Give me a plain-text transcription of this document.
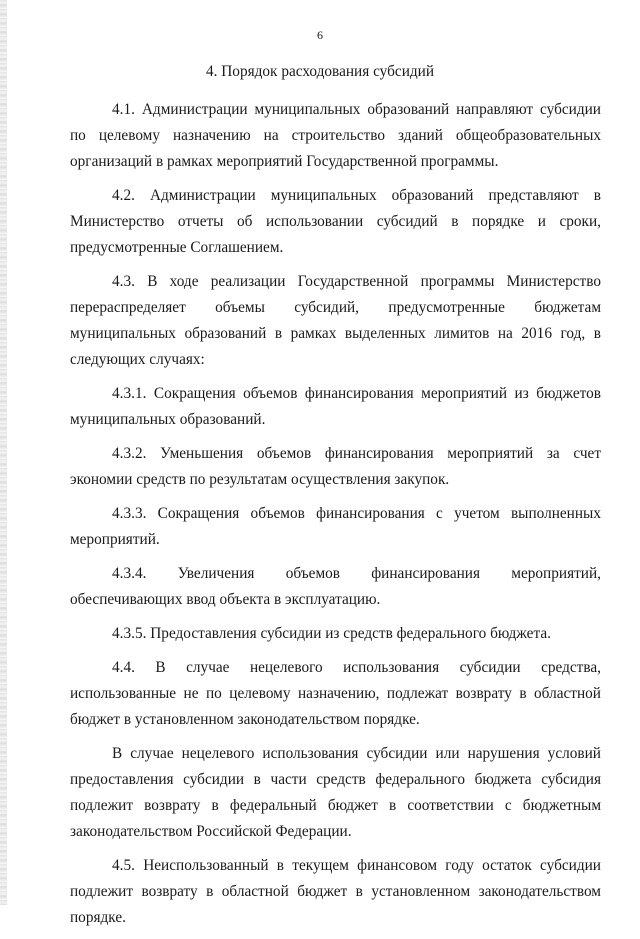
6
4. Порядок расходования субсидий

4.1. Администрации муниципальных образований направляют субсидии по целевому назначению на строительство зданий общеобразовательных организаций в рамках мероприятий Государственной программы.

4.2. Администрации муниципальных образований представляют в Министерство отчеты об использовании субсидий в порядке и сроки, предусмотренные Соглашением.

4.3. В ходе реализации Государственной программы Министерство перераспределяет объемы субсидий, предусмотренные бюджетам муниципальных образований в рамках выделенных лимитов на 2016 год, в следующих случаях:

4.3.1. Сокращения объемов финансирования мероприятий из бюджетов муниципальных образований.

4.3.2. Уменьшения объемов финансирования мероприятий за счет экономии средств по результатам осуществления закупок.

4.3.3. Сокращения объемов финансирования с учетом выполненных мероприятий.

4.3.4. Увеличения объемов финансирования мероприятий, обеспечивающих ввод объекта в эксплуатацию.

4.3.5. Предоставления субсидии из средств федерального бюджета.

4.4. В случае нецелевого использования субсидии средства, использованные не по целевому назначению, подлежат возврату в областной бюджет в установленном законодательством порядке.

В случае нецелевого использования субсидии или нарушения условий предоставления субсидии в части средств федерального бюджета субсидия подлежит возврату в федеральный бюджет в соответствии с бюджетным законодательством Российской Федерации.

4.5. Неиспользованный в текущем финансовом году остаток субсидии подлежит возврату в областной бюджет в установленном законодательством порядке.
